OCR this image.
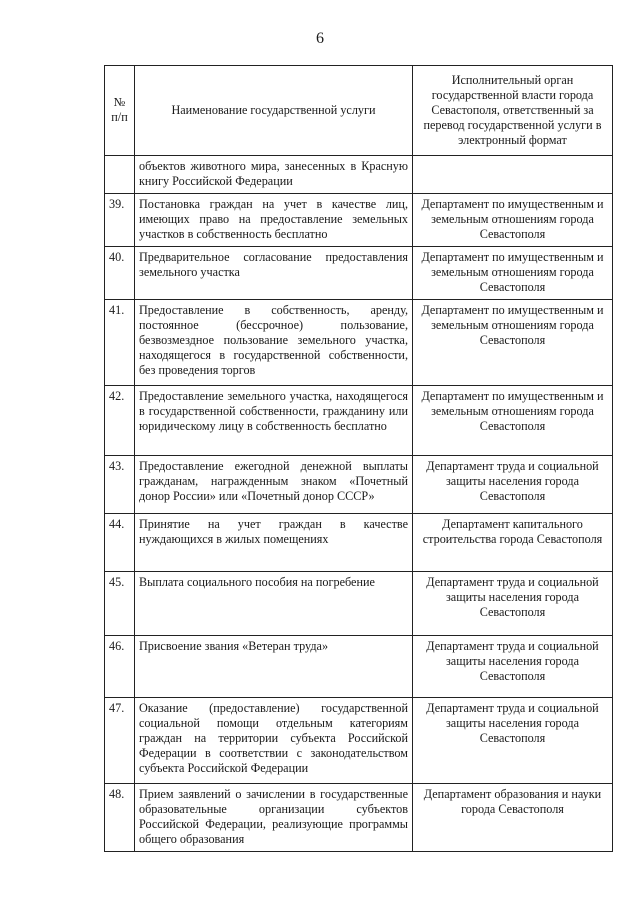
6
№ п/п	Наименование государственной услуги	Исполнительный орган государственной власти города Севастополя, ответственный за перевод государственной услуги в электронный формат
	объектов животного мира, занесенных в Красную книгу Российской Федерации	
39.	Постановка граждан на учет в качестве лиц, имеющих право на предоставление земельных участков в собственность бесплатно	Департамент по имущественным и земельным отношениям города Севастополя
40.	Предварительное согласование предоставления земельного участка	Департамент по имущественным и земельным отношениям города Севастополя
41.	Предоставление в собственность, аренду, постоянное (бессрочное) пользование, безвозмездное пользование земельного участка, находящегося в государственной собственности, без проведения торгов	Департамент по имущественным и земельным отношениям города Севастополя
42.	Предоставление земельного участка, находящегося в государственной собственности, гражданину или юридическому лицу в собственность бесплатно	Департамент по имущественным и земельным отношениям города Севастополя
43.	Предоставление ежегодной денежной выплаты гражданам, награжденным знаком «Почетный донор России» или «Почетный донор СССР»	Департамент труда и социальной защиты населения города Севастополя
44.	Принятие на учет граждан в качестве нуждающихся в жилых помещениях	Департамент капитального строительства города Севастополя
45.	Выплата социального пособия на погребение	Департамент труда и социальной защиты населения города Севастополя
46.	Присвоение звания «Ветеран труда»	Департамент труда и социальной защиты населения города Севастополя
47.	Оказание (предоставление) государственной социальной помощи отдельным категориям граждан на территории субъекта Российской Федерации в соответствии с законодательством субъекта Российской Федерации	Департамент труда и социальной защиты населения города Севастополя
48.	Прием заявлений о зачислении в государственные образовательные организации субъектов Российской Федерации, реализующие программы общего образования	Департамент образования и науки города Севастополя
